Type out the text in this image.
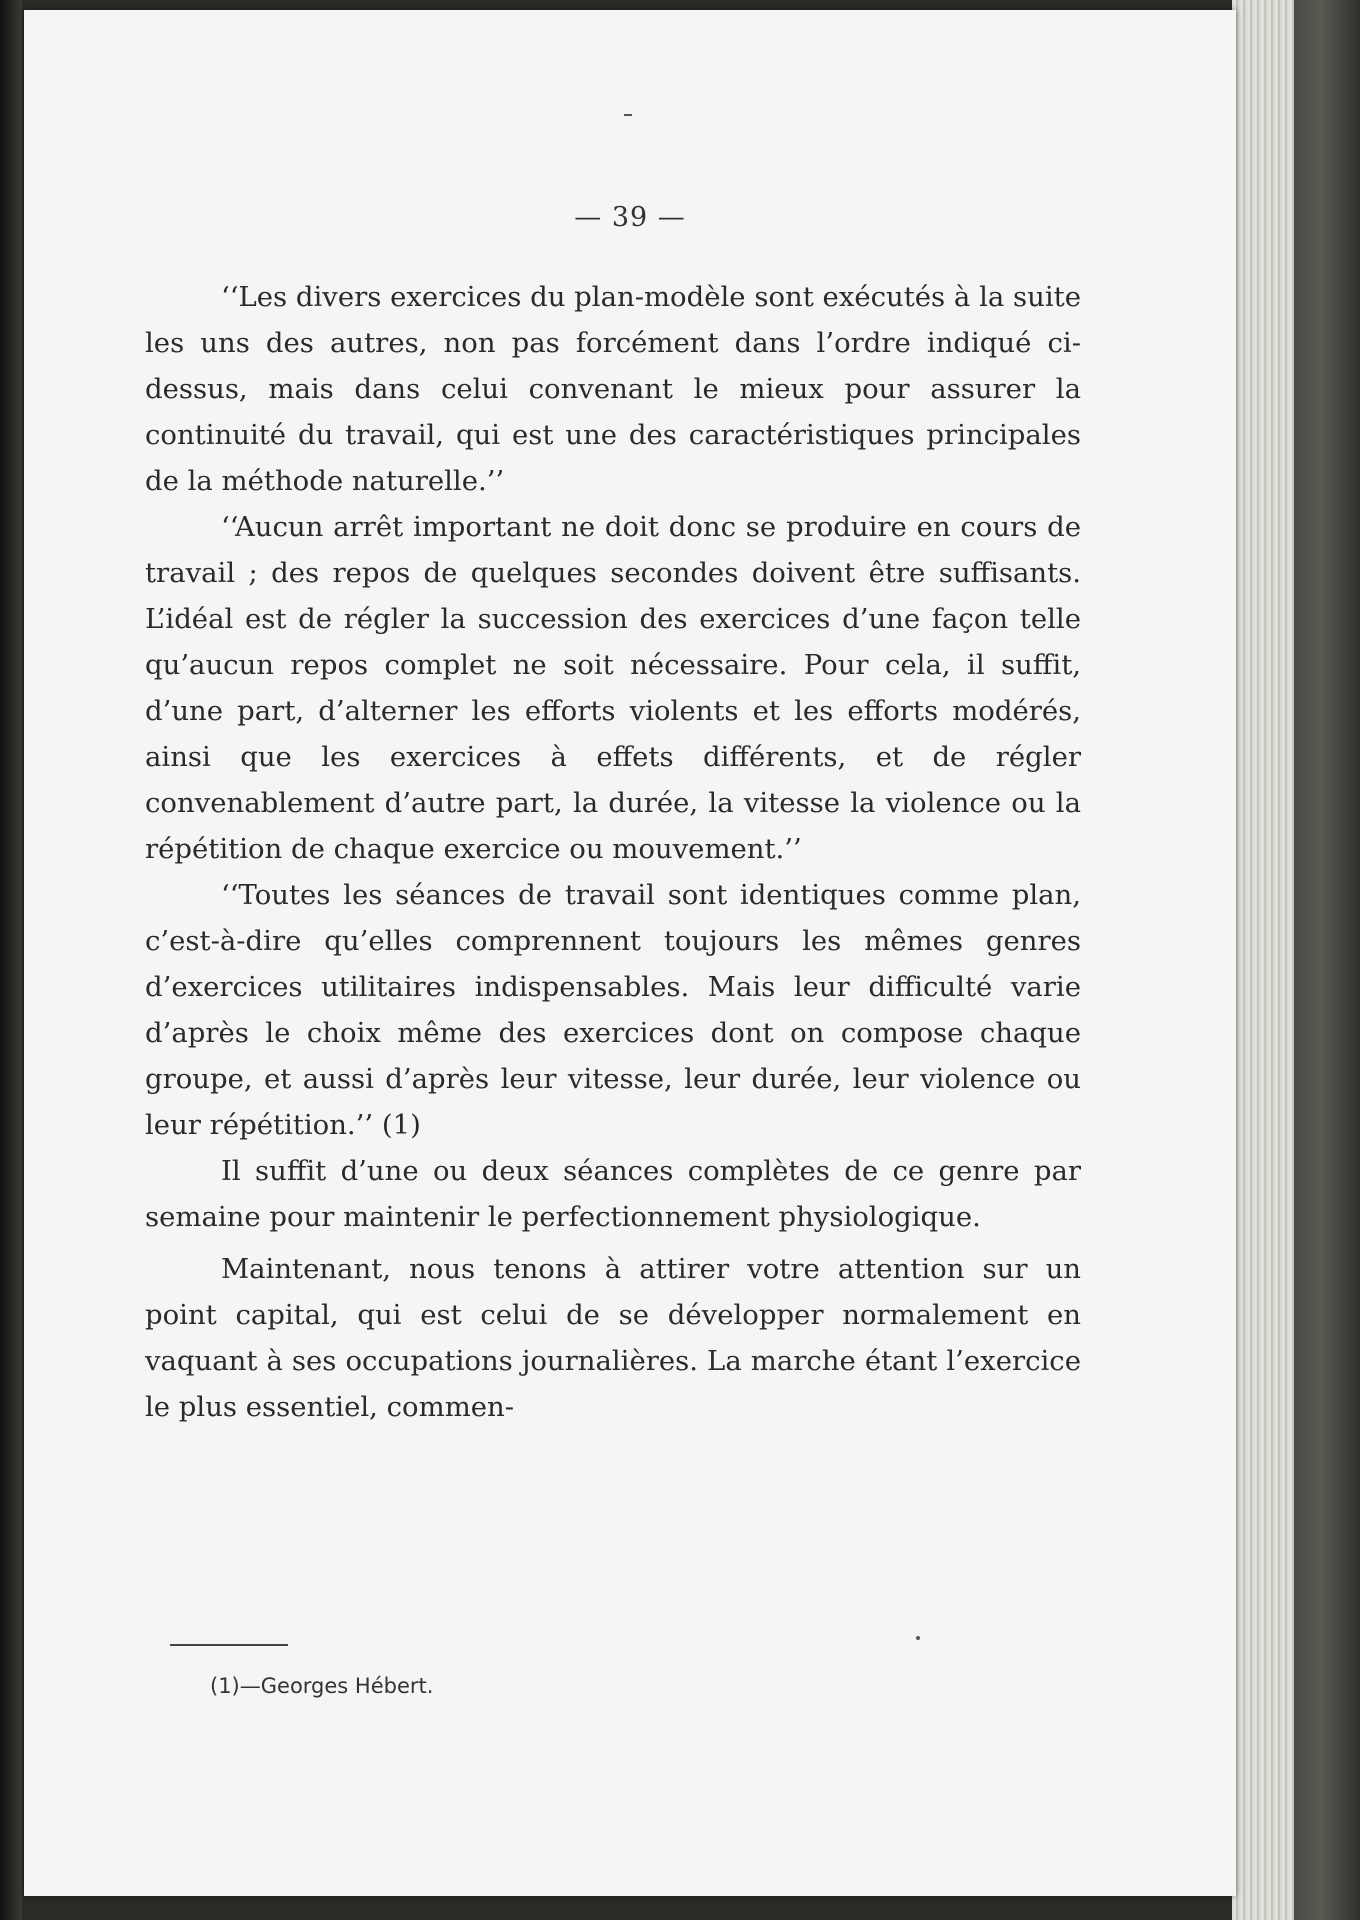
— 39 —

‘‘Les divers exercices du plan-modèle sont exécutés à la suite les uns des autres, non pas forcément dans l’ordre indiqué ci-dessus, mais dans celui convenant le mieux pour assurer la continuité du travail, qui est une des caractéristiques principales de la méthode naturelle.’’

‘‘Aucun arrêt important ne doit donc se produire en cours de travail ; des repos de quelques secondes doivent être suffisants. L’idéal est de régler la succession des exercices d’une façon telle qu’aucun repos complet ne soit nécessaire. Pour cela, il suffit, d’une part, d’alterner les efforts violents et les efforts modérés, ainsi que les exercices à effets différents, et de régler convenablement d’autre part, la durée, la vitesse la violence ou la répétition de chaque exercice ou mouvement.’’

‘‘Toutes les séances de travail sont identiques comme plan, c’est-à-dire qu’elles comprennent toujours les mêmes genres d’exercices utilitaires indispensables. Mais leur difficulté varie d’après le choix même des exercices dont on compose chaque groupe, et aussi d’après leur vitesse, leur durée, leur violence ou leur répétition.’’ (1)

Il suffit d’une ou deux séances complètes de ce genre par semaine pour maintenir le perfectionnement physiologique.

Maintenant, nous tenons à attirer votre attention sur un point capital, qui est celui de se développer normalement en vaquant à ses occupations journalières. La marche étant l’exercice le plus essentiel, commen-

(1)—Georges Hébert.
